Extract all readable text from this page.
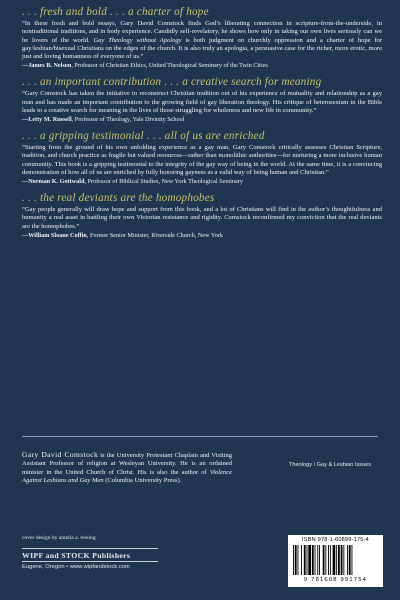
. . . fresh and bold . . . a charter of hope

“In these fresh and bold essays, Gary David Comstock finds God’s liberating connection in scripture-from-the-underside, in nontraditional traditions, and in body experience. Candidly self-revelatory, he shows how only in taking our own lives seriously can we be lovers of the world. Gay Theology without Apology is both judgment on churchly oppression and a charter of hope for gay/lesbian/bisexual Christians on the edges of the church. It is also truly an apologia, a persuasive case for the richer, more erotic, more just and loving humanness of everyone of us.”

—James B. Nelson, Professor of Christian Ethics, United Theological Seminary of the Twin Cities

. . . an important contribution . . . a creative search for meaning

“Gary Comstock has taken the initiative to reconstruct Christian tradition out of his experience of mutuality and relationship as a gay man and has made an important contribution to the growing field of gay liberation theology. His critique of heterosexism in the Bible leads to a creative search for meaning in the lives of those struggling for wholeness and new life in community.”

—Letty M. Russell, Professor of Theology, Yale Divinity School

. . . a gripping testimonial . . . all of us are enriched

“Starting from the ground of his own unfolding experience as a gay man, Gary Comstock critically assesses Christian Scripture, tradition, and church practice as fragile but valued resources—rather than monolithic authorities—for nurturing a more inclusive human community. This book is a gripping testimonial to the integrity of the gay way of being in the world. At the same time, it is a convincing demonstration of how all of us are enriched by fully honoring gayness as a valid way of being human and Christian.”

—Norman K. Gottwald, Professor of Biblical Studies, New York Theological Seminary

. . . the real deviants are the homophobes

“Gay people generally will draw hope and support from this book, and a lot of Christians will find in the author’s thoughtfulness and humanity a real asset in battling their own Victorian resistance and rigidity. Comstock reconfirmed my conviction that the real deviants are the homophobes.”

—William Sloane Coffin, Former Senior Minister, Riverside Church, New York

Gary David Comstock is the University Protestant Chaplain and Visiting Assistant Professor of religion at Wesleyan University. He is an ordained minister in the United Church of Christ. His is also the author of Violence Against Lesbians and Gay Men (Columbia University Press).
Theology / Gay & Lesbian Issues
cover design by amelia a. reising
WIPF and STOCK Publishers
Eugene, Oregon • www.wipfandstock.com
ISBN 978-1-60899-175-4
9 781608 991754
